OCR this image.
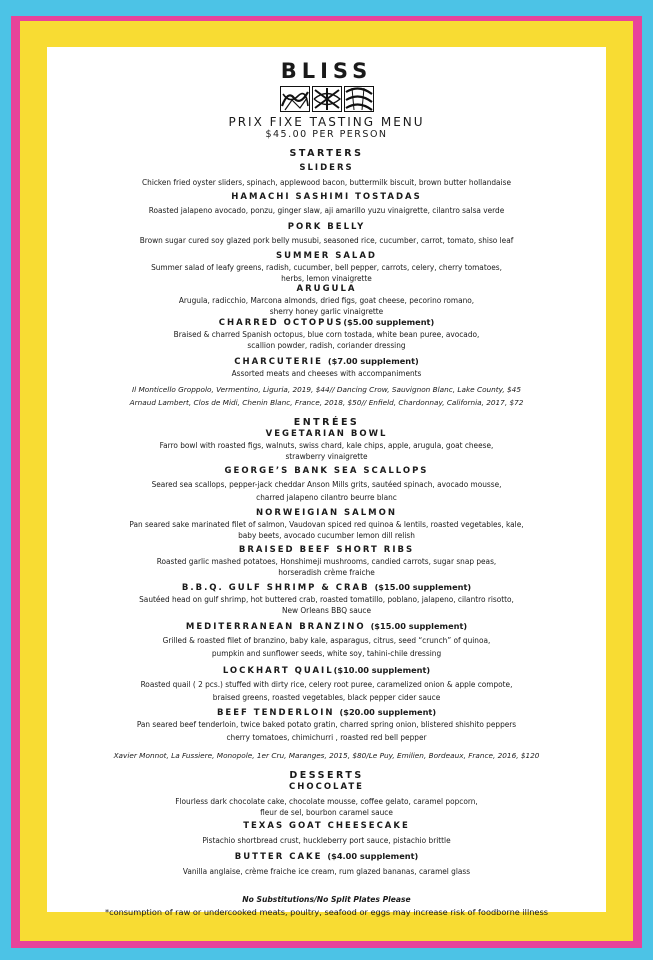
BLISS
PRIX FIXE TASTING MENU
$45.00 PER PERSON
STARTERS
SLIDERS
Chicken fried oyster sliders, spinach, applewood bacon, buttermilk biscuit, brown butter hollandaise
HAMACHI SASHIMI TOSTADAS
Roasted jalapeno avocado, ponzu, ginger slaw, aji amarillo yuzu vinaigrette, cilantro salsa verde
PORK BELLY
Brown sugar cured soy glazed pork belly musubi, seasoned rice, cucumber, carrot, tomato, shiso leaf
SUMMER SALAD
Summer salad of leafy greens, radish, cucumber, bell pepper, carrots, celery, cherry tomatoes,
herbs, lemon vinaigrette
ARUGULA
Arugula, radicchio, Marcona almonds, dried figs, goat cheese, pecorino romano,
sherry honey garlic vinaigrette
CHARRED OCTOPUS($5.00 supplement)
Braised & charred Spanish octopus, blue corn tostada, white bean puree, avocado,
scallion powder, radish, coriander dressing
CHARCUTERIE ($7.00 supplement)
Assorted meats and cheeses with accompaniments
Il Monticello Groppolo, Vermentino, Liguria, 2019, $44// Dancing Crow, Sauvignon Blanc, Lake County, $45
Arnaud Lambert, Clos de Midi, Chenin Blanc, France, 2018, $50// Enfield, Chardonnay, California, 2017, $72
ENTRÉES
VEGETARIAN BOWL
Farro bowl with roasted figs, walnuts, swiss chard, kale chips, apple, arugula, goat cheese,
strawberry vinaigrette
GEORGE’S BANK SEA SCALLOPS
Seared sea scallops, pepper-jack cheddar Anson Mills grits, sautéed spinach, avocado mousse,
charred jalapeno cilantro beurre blanc
NORWEIGIAN SALMON
Pan seared sake marinated filet of salmon, Vaudovan spiced red quinoa & lentils, roasted vegetables, kale,
baby beets, avocado cucumber lemon dill relish
BRAISED BEEF SHORT RIBS
Roasted garlic mashed potatoes, Honshimeji mushrooms, candied carrots, sugar snap peas,
horseradish crème fraiche
B.B.Q. GULF SHRIMP & CRAB ($15.00 supplement)
Sautéed head on gulf shrimp, hot buttered crab, roasted tomatillo, poblano, jalapeno, cilantro risotto,
New Orleans BBQ sauce
MEDITERRANEAN BRANZINO ($15.00 supplement)
Grilled & roasted filet of branzino, baby kale, asparagus, citrus, seed “crunch” of quinoa,
pumpkin and sunflower seeds, white soy, tahini-chile dressing
LOCKHART QUAIL($10.00 supplement)
Roasted quail ( 2 pcs.) stuffed with dirty rice, celery root puree, caramelized onion & apple compote,
braised greens, roasted vegetables, black pepper cider sauce
BEEF TENDERLOIN ($20.00 supplement)
Pan seared beef tenderloin, twice baked potato gratin, charred spring onion, blistered shishito peppers
cherry tomatoes, chimichurri , roasted red bell pepper
Xavier Monnot, La Fussiere, Monopole, 1er Cru, Maranges, 2015, $80/Le Puy, Emilien, Bordeaux, France, 2016, $120
DESSERTS
CHOCOLATE
Flourless dark chocolate cake, chocolate mousse, coffee gelato, caramel popcorn,
fleur de sel, bourbon caramel sauce
TEXAS GOAT CHEESECAKE
Pistachio shortbread crust, huckleberry port sauce, pistachio brittle
BUTTER CAKE ($4.00 supplement)
Vanilla anglaise, crème fraiche ice cream, rum glazed bananas, caramel glass
No Substitutions/No Split Plates Please
*consumption of raw or undercooked meats, poultry, seafood or eggs may increase risk of foodborne illness
